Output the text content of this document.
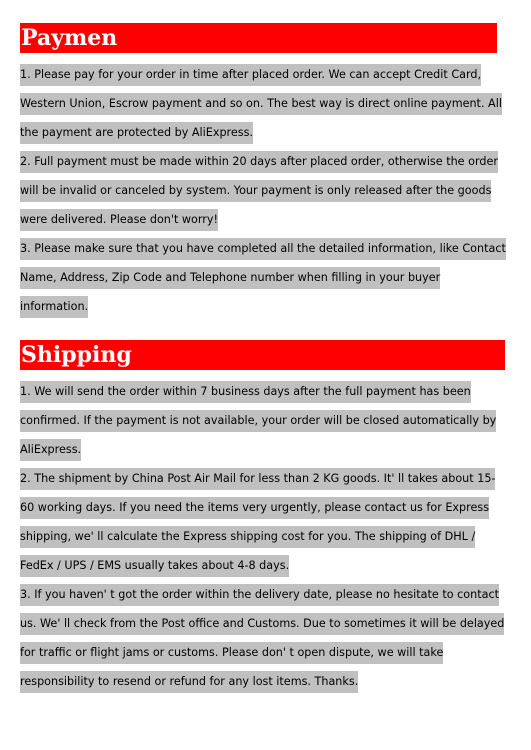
Paymen

1. Please pay for your order in time after placed order. We can accept Credit Card, Western Union, Escrow payment and so on. The best way is direct online payment. All the payment are protected by AliExpress.

2. Full payment must be made within 20 days after placed order, otherwise the order will be invalid or canceled by system. Your payment is only released after the goods were delivered. Please don't worry!

3. Please make sure that you have completed all the detailed information, like Contact Name, Address, Zip Code and Telephone number when filling in your buyer information.

Shipping

1. We will send the order within 7 business days after the full payment has been confirmed. If the payment is not available, your order will be closed automatically by AliExpress.

2. The shipment by China Post Air Mail for less than 2 KG goods. It' ll takes about 15-60 working days. If you need the items very urgently, please contact us for Express shipping, we' ll calculate the Express shipping cost for you. The shipping of DHL / FedEx / UPS / EMS usually takes about 4-8 days.

3. If you haven' t got the order within the delivery date, please no hesitate to contact us. We' ll check from the Post office and Customs. Due to sometimes it will be delayed for traffic or flight jams or customs. Please don' t open dispute, we will take responsibility to resend or refund for any lost items. Thanks.
